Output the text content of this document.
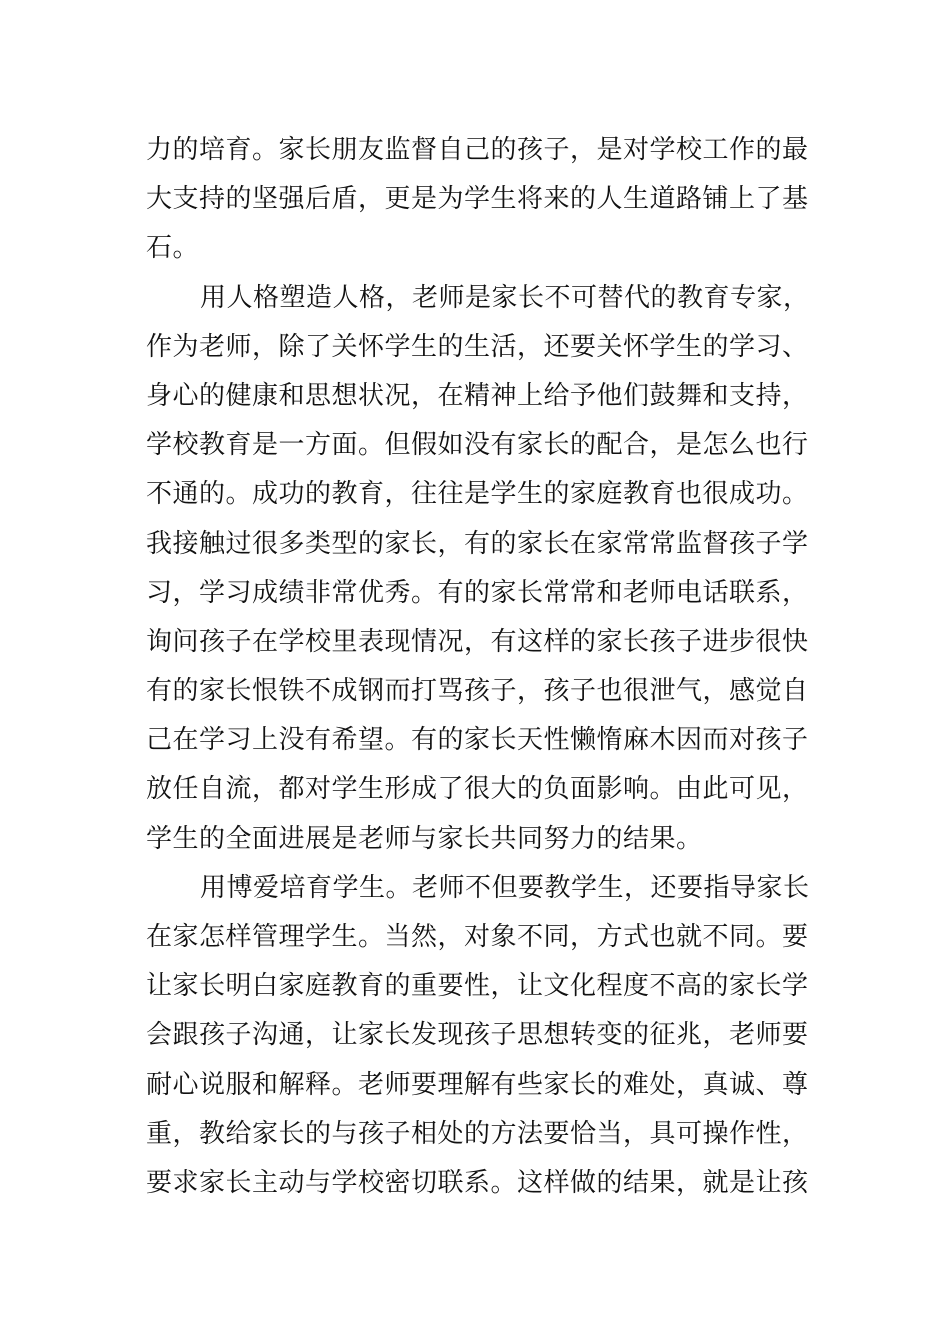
力的培育。家长朋友监督自己的孩子，是对学校工作的最
大支持的坚强后盾，更是为学生将来的人生道路铺上了基
石。
用人格塑造人格，老师是家长不可替代的教育专家，
作为老师，除了关怀学生的生活，还要关怀学生的学习、
身心的健康和思想状况，在精神上给予他们鼓舞和支持，
学校教育是一方面。但假如没有家长的配合，是怎么也行
不通的。成功的教育，往往是学生的家庭教育也很成功。
我接触过很多类型的家长，有的家长在家常常监督孩子学
习，学习成绩非常优秀。有的家长常常和老师电话联系，
询问孩子在学校里表现情况，有这样的家长孩子进步很快
有的家长恨铁不成钢而打骂孩子，孩子也很泄气，感觉自
己在学习上没有希望。有的家长天性懒惰麻木因而对孩子
放任自流，都对学生形成了很大的负面影响。由此可见，
学生的全面进展是老师与家长共同努力的结果。
用博爱培育学生。老师不但要教学生，还要指导家长
在家怎样管理学生。当然，对象不同，方式也就不同。要
让家长明白家庭教育的重要性，让文化程度不高的家长学
会跟孩子沟通，让家长发现孩子思想转变的征兆，老师要
耐心说服和解释。老师要理解有些家长的难处，真诚、尊
重，教给家长的与孩子相处的方法要恰当，具可操作性，
要求家长主动与学校密切联系。这样做的结果，就是让孩
